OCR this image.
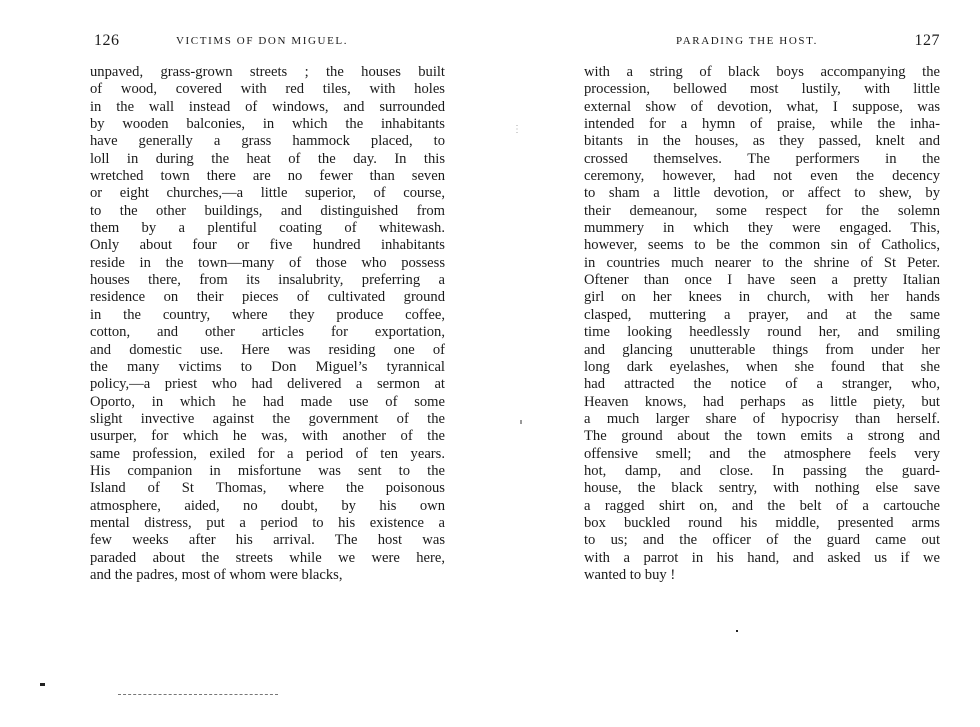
126	VICTIMS OF DON MIGUEL.
unpaved, grass-grown streets ; the houses built
of wood, covered with red tiles, with holes
in the wall instead of windows, and surrounded
by wooden balconies, in which the inhabitants
have generally a grass hammock placed, to
loll in during the heat of the day. In this
wretched town there are no fewer than seven
or eight churches,—a little superior, of course,
to the other buildings, and distinguished from
them by a plentiful coating of whitewash.
Only about four or five hundred inhabitants
reside in the town—many of those who possess
houses there, from its insalubrity, preferring a
residence on their pieces of cultivated ground
in the country, where they produce coffee,
cotton, and other articles for exportation,
and domestic use. Here was residing one of
the many victims to Don Miguel’s tyrannical
policy,—a priest who had delivered a sermon at
Oporto, in which he had made use of some
slight invective against the government of the
usurper, for which he was, with another of the
same profession, exiled for a period of ten years.
His companion in misfortune was sent to the
Island of St Thomas, where the poisonous
atmosphere, aided, no doubt, by his own
mental distress, put a period to his existence a
few weeks after his arrival. The host was
paraded about the streets while we were here,
and the padres, most of whom were blacks,
PARADING THE HOST.	127
with a string of black boys accompanying the
procession, bellowed most lustily, with little
external show of devotion, what, I suppose, was
intended for a hymn of praise, while the inha-
bitants in the houses, as they passed, knelt and
crossed themselves. The performers in the
ceremony, however, had not even the decency
to sham a little devotion, or affect to shew, by
their demeanour, some respect for the solemn
mummery in which they were engaged. This,
however, seems to be the common sin of Catholics,
in countries much nearer to the shrine of St Peter.
Oftener than once I have seen a pretty Italian
girl on her knees in church, with her hands
clasped, muttering a prayer, and at the same
time looking heedlessly round her, and smiling
and glancing unutterable things from under her
long dark eyelashes, when she found that she
had attracted the notice of a stranger, who,
Heaven knows, had perhaps as little piety, but
a much larger share of hypocrisy than herself.
The ground about the town emits a strong and
offensive smell; and the atmosphere feels very
hot, damp, and close. In passing the guard-
house, the black sentry, with nothing else save
a ragged shirt on, and the belt of a cartouche
box buckled round his middle, presented arms
to us; and the officer of the guard came out
with a parrot in his hand, and asked us if we
wanted to buy !
⋮
